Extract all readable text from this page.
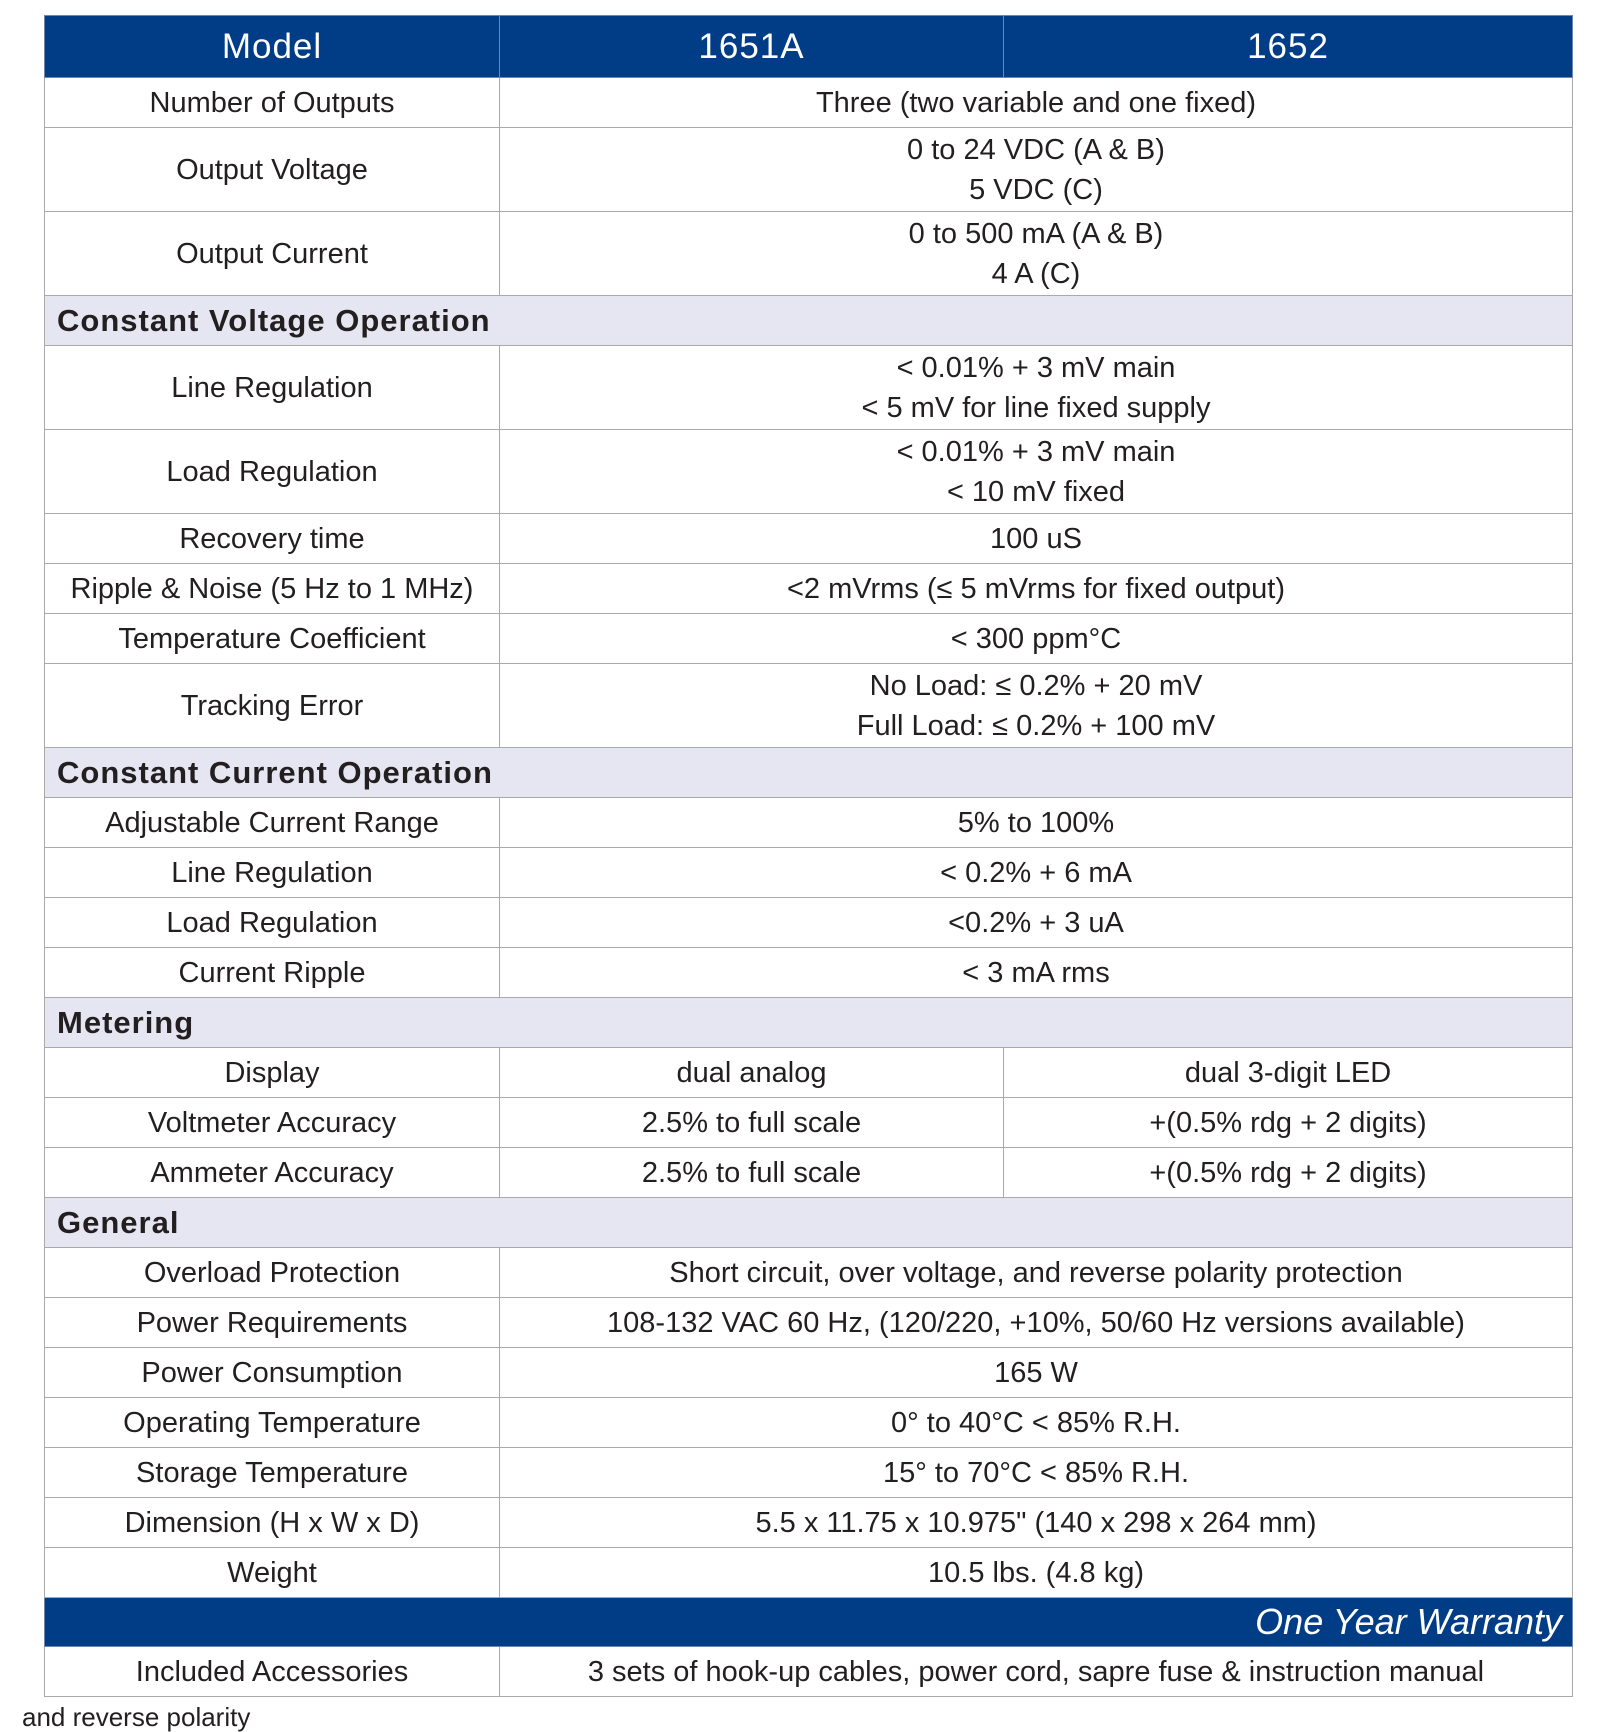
Model	1651A	1652
Number of Outputs	Three (two variable and one fixed)	

Output Voltage	0 to 24 VDC (A & B)
5 VDC (C)	

Output Current	0 to 500 mA (A & B)
4 A (C)	

Constant Voltage Operation		
Line Regulation	< 0.01% + 3 mV main
< 5 mV for line fixed supply	

Load Regulation	< 0.01% + 3 mV main
< 10 mV fixed	

Recovery time	100 uS	

Ripple & Noise (5 Hz to 1 MHz)	<2 mVrms (≤ 5 mVrms for fixed output)	

Temperature Coefficient	< 300 ppm°C	

Tracking Error	No Load: ≤ 0.2% + 20 mV
Full Load: ≤ 0.2% + 100 mV	

Constant Current Operation		
Adjustable Current Range	5% to 100%	
Line Regulation	< 0.2% + 6 mA	
Load Regulation	<0.2% + 3 uA	
Current Ripple	< 3 mA rms	
Metering		
Display	dual analog	dual 3-digit LED
Voltmeter Accuracy	2.5% to full scale	+(0.5% rdg + 2 digits)
Ammeter Accuracy	2.5% to full scale	+(0.5% rdg + 2 digits)
General		
Overload Protection	Short circuit, over voltage, and reverse polarity protection	
Power Requirements	108-132 VAC 60 Hz, (120/220, +10%, 50/60 Hz versions available)	
Power Consumption	165 W	
Operating Temperature	0° to 40°C < 85% R.H.	
Storage Temperature	15° to 70°C < 85% R.H.	
Dimension (H x W x D)	5.5 x 11.75 x 10.975" (140 x 298 x 264 mm)	
Weight	10.5 lbs. (4.8 kg)	
One Year Warranty		
Included Accessories	3 sets of hook-up cables, power cord, sapre fuse & instruction manual	
and reverse polarity
